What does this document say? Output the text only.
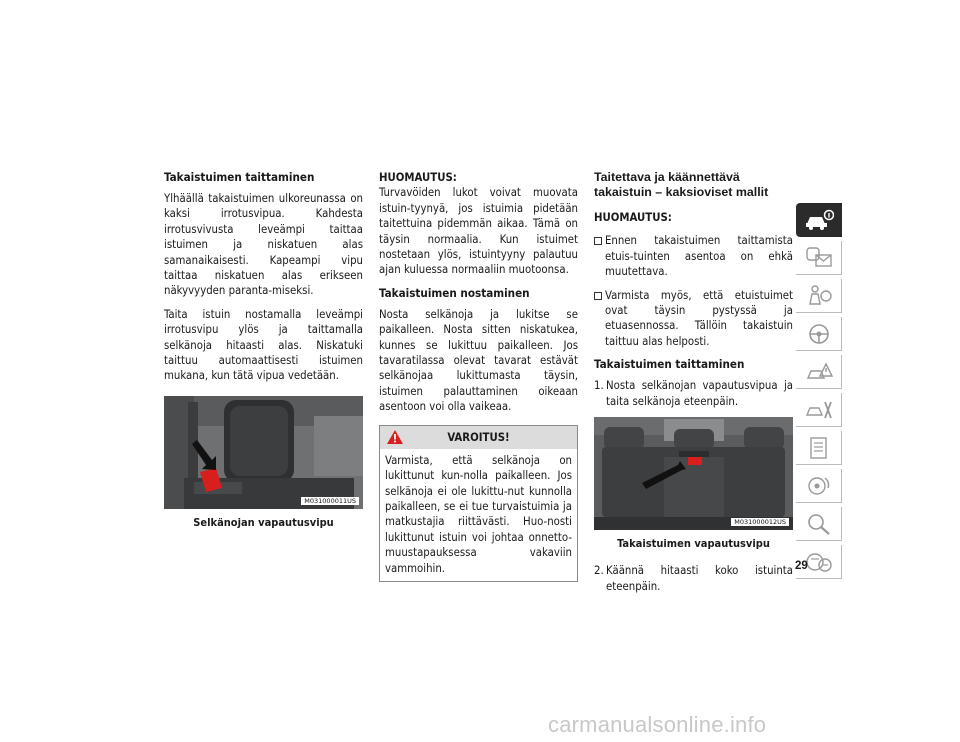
Takaistuimen taittaminen

Ylhäällä takaistuimen ulkoreunassa on kaksi irrotusvipua. Kahdesta irrotusvivusta leveämpi taittaa istuimen ja niskatuen alas samanaikaisesti. Kapeampi vipu taittaa niskatuen alas erikseen näkyvyyden paranta-miseksi.

Taita istuin nostamalla leveämpi irrotusvipu ylös ja taittamalla selkänoja hitaasti alas. Niskatuki taittuu automaattisesti istuimen mukana, kun tätä vipua vedetään.

M031000011US
Selkänojan vapautusvipu
HUOMAUTUS:

Turvavöiden lukot voivat muovata istuin-tyynyä, jos istuimia pidetään taitettuina pidemmän aikaa. Tämä on täysin normaalia. Kun istuimet nostetaan ylös, istuintyyny palautuu ajan kuluessa normaaliin muotoonsa.

Takaistuimen nostaminen

Nosta selkänoja ja lukitse se paikalleen. Nosta sitten niskatukea, kunnes se lukittuu paikalleen. Jos tavaratilassa olevat tavarat estävät selkänojaa lukittumasta täysin, istuimen palauttaminen oikeaan asentoon voi olla vaikeaa.

VAROITUS!
Varmista, että selkänoja on lukittunut kun-nolla paikalleen. Jos selkänoja ei ole lukittu-nut kunnolla paikalleen, se ei tue turvaistuimia ja matkustajia riittävästi. Huo-nosti lukittunut istuin voi johtaa onnetto-muustapauksessa vakaviin vammoihin.
Taitettava ja käännettävä takaistuin – kaksioviset mallit
HUOMAUTUS:
Ennen takaistuimen taittamista etuis-tuinten asentoa on ehkä muutettava.
Varmista myös, että etuistuimet ovat täysin pystyssä ja etuasennossa. Tällöin takaistuin taittuu alas helposti.
Takaistuimen taittaminen
1. Nosta selkänojan vapautusvipua ja taita selkänoja eteenpäin.
M031000012US
Takaistuimen vapautusvipu
2. Käännä hitaasti koko istuinta eteenpäin.
29
carmanualsonline.info
